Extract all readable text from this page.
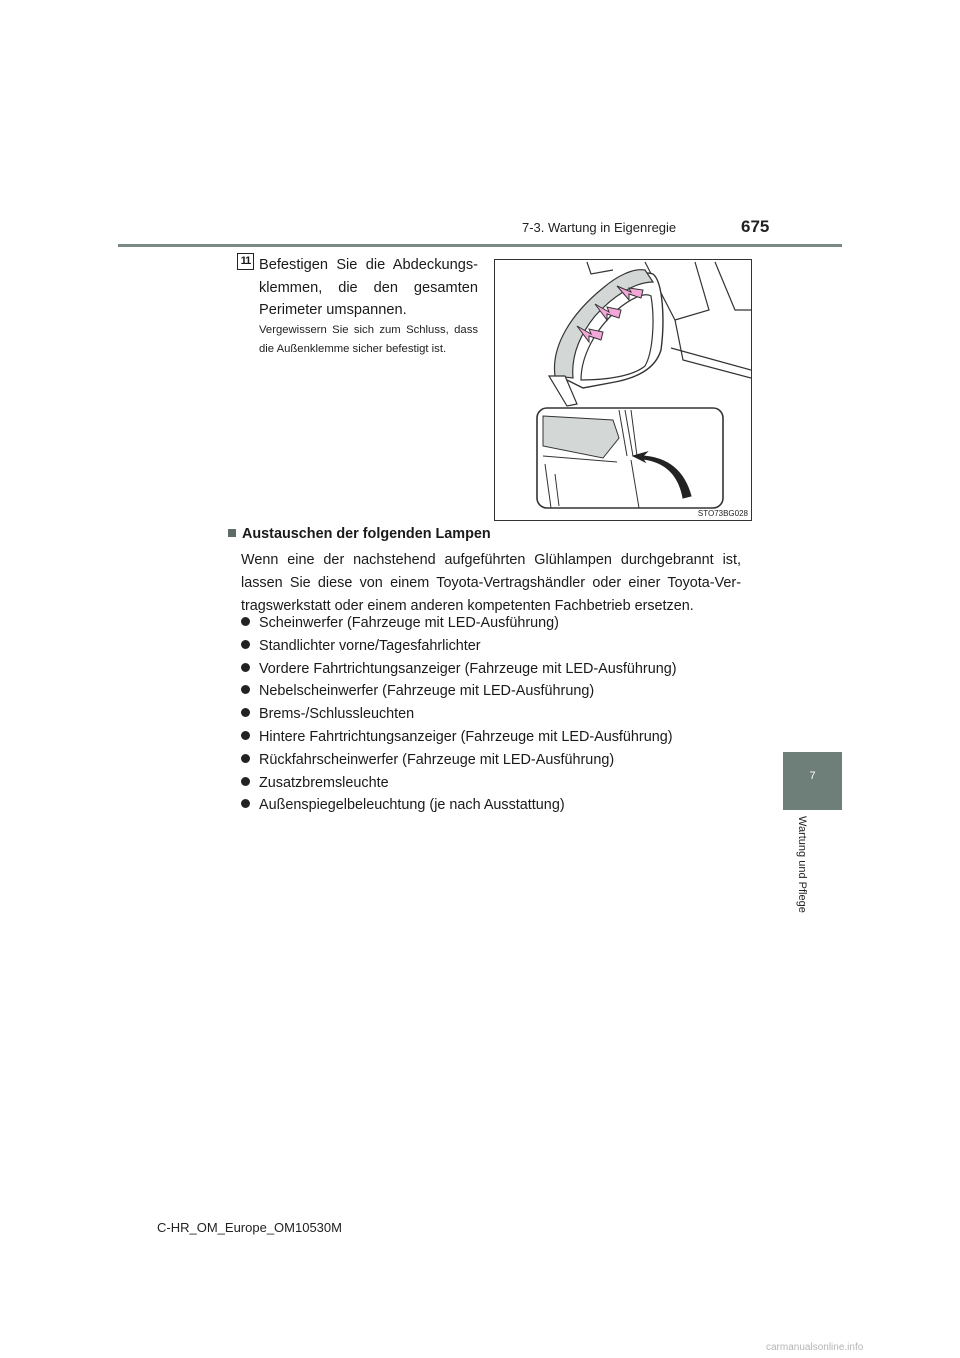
7-3. Wartung in Eigenregie	675
7
Wartung und Pflege
11 Befestigen Sie die Abdeckungs-klemmen, die den gesamten Perimeter umspannen.
Vergewissern Sie sich zum Schluss, dass die Außenklemme sicher befestigt ist.
STO73BG028
Austauschen der folgenden Lampen
Wenn eine der nachstehend aufgeführten Glühlampen durchgebrannt ist, lassen Sie diese von einem Toyota-Vertragshändler oder einer Toyota-Ver-tragswerkstatt oder einem anderen kompetenten Fachbetrieb ersetzen.
Scheinwerfer (Fahrzeuge mit LED-Ausführung)
Standlichter vorne/Tagesfahrlichter
Vordere Fahrtrichtungsanzeiger (Fahrzeuge mit LED-Ausführung)
Nebelscheinwerfer (Fahrzeuge mit LED-Ausführung)
Brems-/Schlussleuchten
Hintere Fahrtrichtungsanzeiger (Fahrzeuge mit LED-Ausführung)
Rückfahrscheinwerfer (Fahrzeuge mit LED-Ausführung)
Zusatzbremsleuchte
Außenspiegelbeleuchtung (je nach Ausstattung)
C-HR_OM_Europe_OM10530M
carmanualsonline.info
